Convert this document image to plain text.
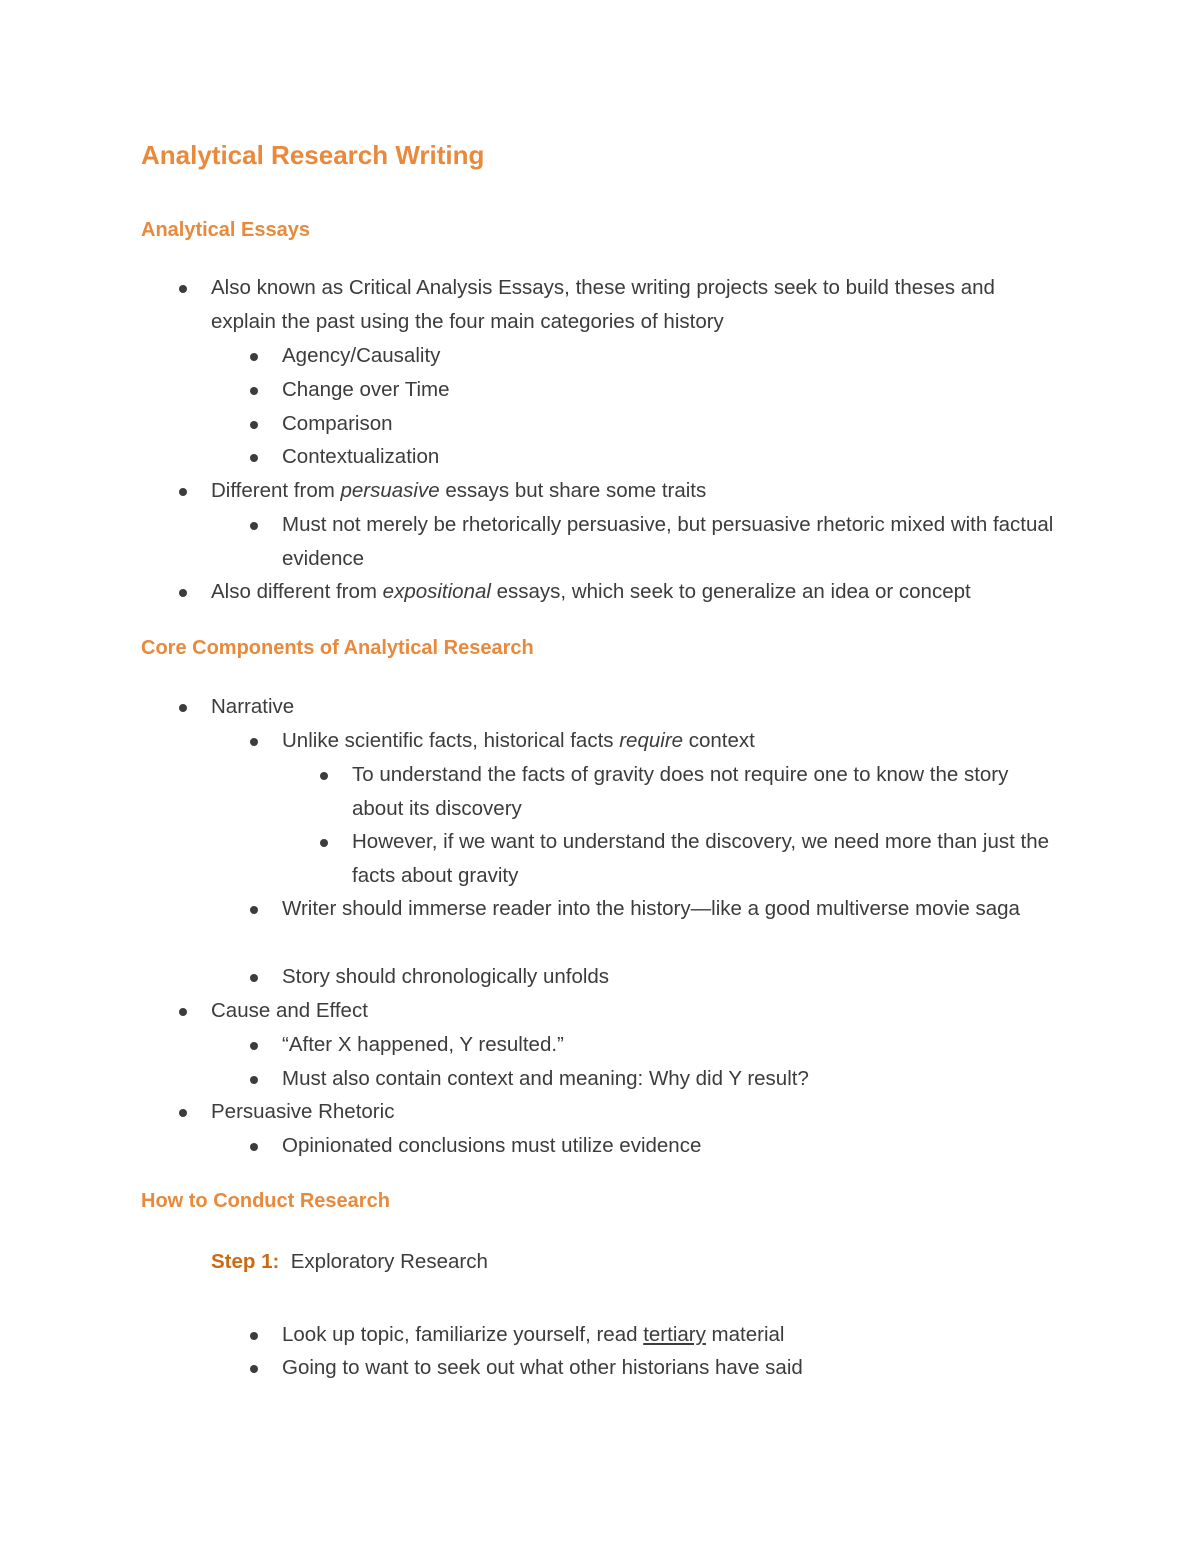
Analytical Research Writing
Analytical Essays
Also known as Critical Analysis Essays, these writing projects seek to build theses and explain the past using the four main categories of history
Agency/Causality
Change over Time
Comparison
Contextualization
Different from persuasive essays but share some traits
Must not merely be rhetorically persuasive, but persuasive rhetoric mixed with factual evidence
Also different from expositional essays, which seek to generalize an idea or concept
Core Components of Analytical Research
Narrative
Unlike scientific facts, historical facts require context
To understand the facts of gravity does not require one to know the story about its discovery
However, if we want to understand the discovery, we need more than just the facts about gravity
Writer should immerse reader into the history—like a good multiverse movie saga
Story should chronologically unfolds
Cause and Effect
“After X happened, Y resulted.”
Must also contain context and meaning: Why did Y result?
Persuasive Rhetoric
Opinionated conclusions must utilize evidence
How to Conduct Research
Step 1:  Exploratory Research
Look up topic, familiarize yourself, read tertiary material
Going to want to seek out what other historians have said
